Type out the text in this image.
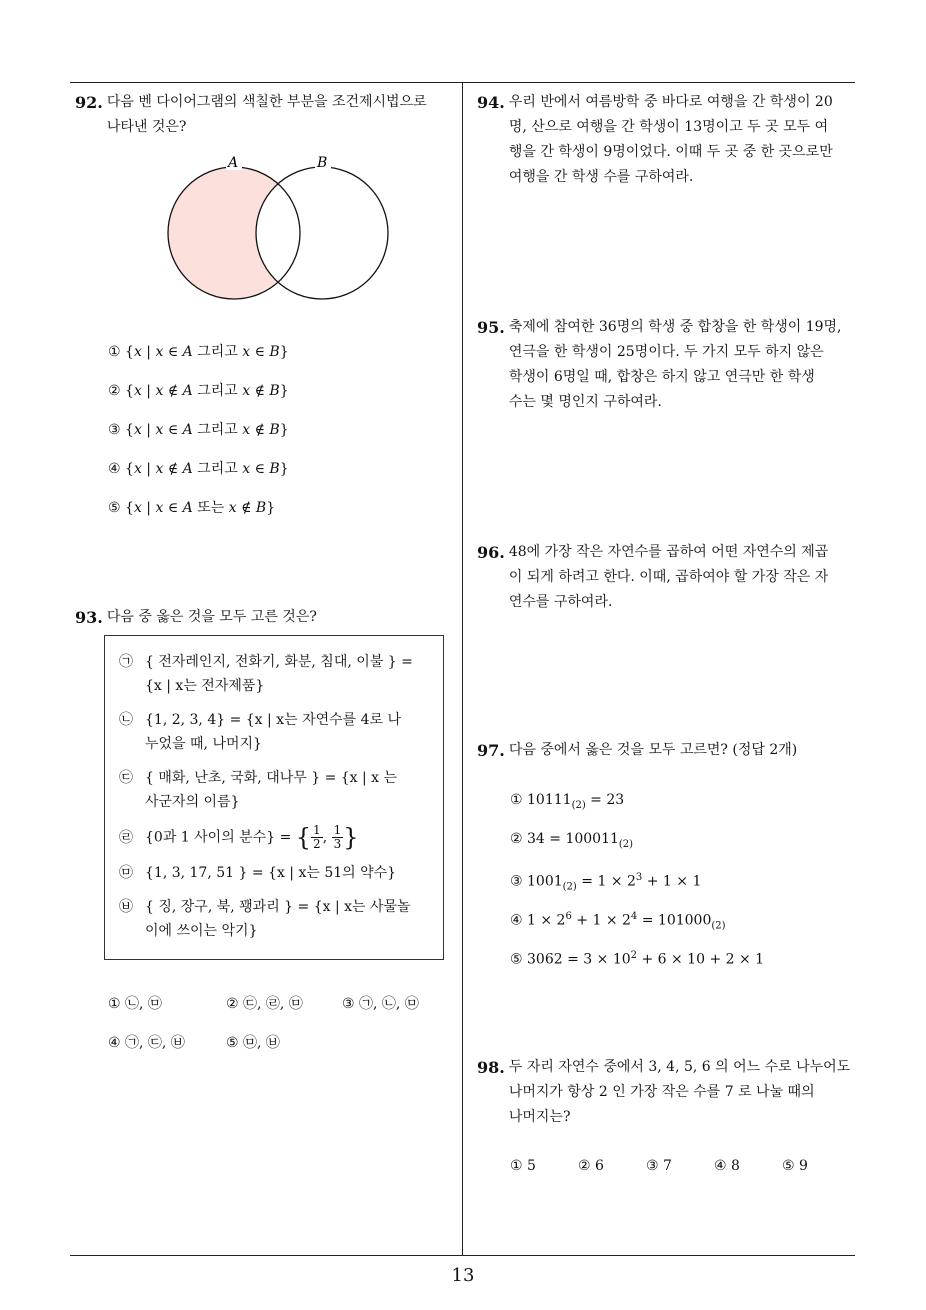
92. 다음 벤 다이어그램의 색칠한 부분을 조건제시법으로
나타낸 것은?
A	B
① {x | x ∈ A 그리고 x ∈ B}
② {x | x ∉ A 그리고 x ∉ B}
③ {x | x ∈ A 그리고 x ∉ B}
④ {x | x ∉ A 그리고 x ∈ B}
⑤ {x | x ∈ A 또는 x ∉ B}
93. 다음 중 옳은 것을 모두 고른 것은?
㉠ { 전자레인지, 전화기, 화분, 침대, 이불 } =
{x | x는 전자제품}
㉡ {1, 2, 3, 4} = {x | x는 자연수를 4로 나
누었을 때, 나머지}
㉢ { 매화, 난초, 국화, 대나무 } = {x | x 는
사군자의 이름}
㉣ {0과 1 사이의 분수} = { $\frac{1}{2}$ , $\frac{1}{3}$ }
㉤ {1, 3, 17, 51 } = {x | x는 51의 약수}
㉥ { 징, 장구, 북, 꽹과리 } = {x | x는 사물놀
이에 쓰이는 악기}
① ㉡, ㉤	② ㉢, ㉣, ㉤	③ ㉠, ㉡, ㉤
④ ㉠, ㉢, ㉥	⑤ ㉤, ㉥
94. 우리 반에서 여름방학 중 바다로 여행을 간 학생이 20
명, 산으로 여행을 간 학생이 13명이고 두 곳 모두 여
행을 간 학생이 9명이었다. 이때 두 곳 중 한 곳으로만
여행을 간 학생 수를 구하여라.
95. 축제에 참여한 36명의 학생 중 합창을 한 학생이 19명,
연극을 한 학생이 25명이다. 두 가지 모두 하지 않은
학생이 6명일 때, 합창은 하지 않고 연극만 한 학생
수는 몇 명인지 구하여라.
96. 48에 가장 작은 자연수를 곱하여 어떤 자연수의 제곱
이 되게 하려고 한다. 이때, 곱하여야 할 가장 작은 자
연수를 구하여라.
97. 다음 중에서 옳은 것을 모두 고르면? (정답 2개)
① $10111_{(2)} = 23$
② $34 = 100011_{(2)}$
③ $1001_{(2)} = 1 \times 2^3 + 1 \times 1$
④ $1 \times 2^6 + 1 \times 2^4 = 101000_{(2)}$
⑤ $3062 = 3 \times 10^2 + 6 \times 10 + 2 \times 1$
98. 두 자리 자연수 중에서 3, 4, 5, 6 의 어느 수로 나누어도
나머지가 항상 2 인 가장 작은 수를 7 로 나눌 때의
나머지는?
① 5	② 6	③ 7	④ 8	⑤ 9
13
